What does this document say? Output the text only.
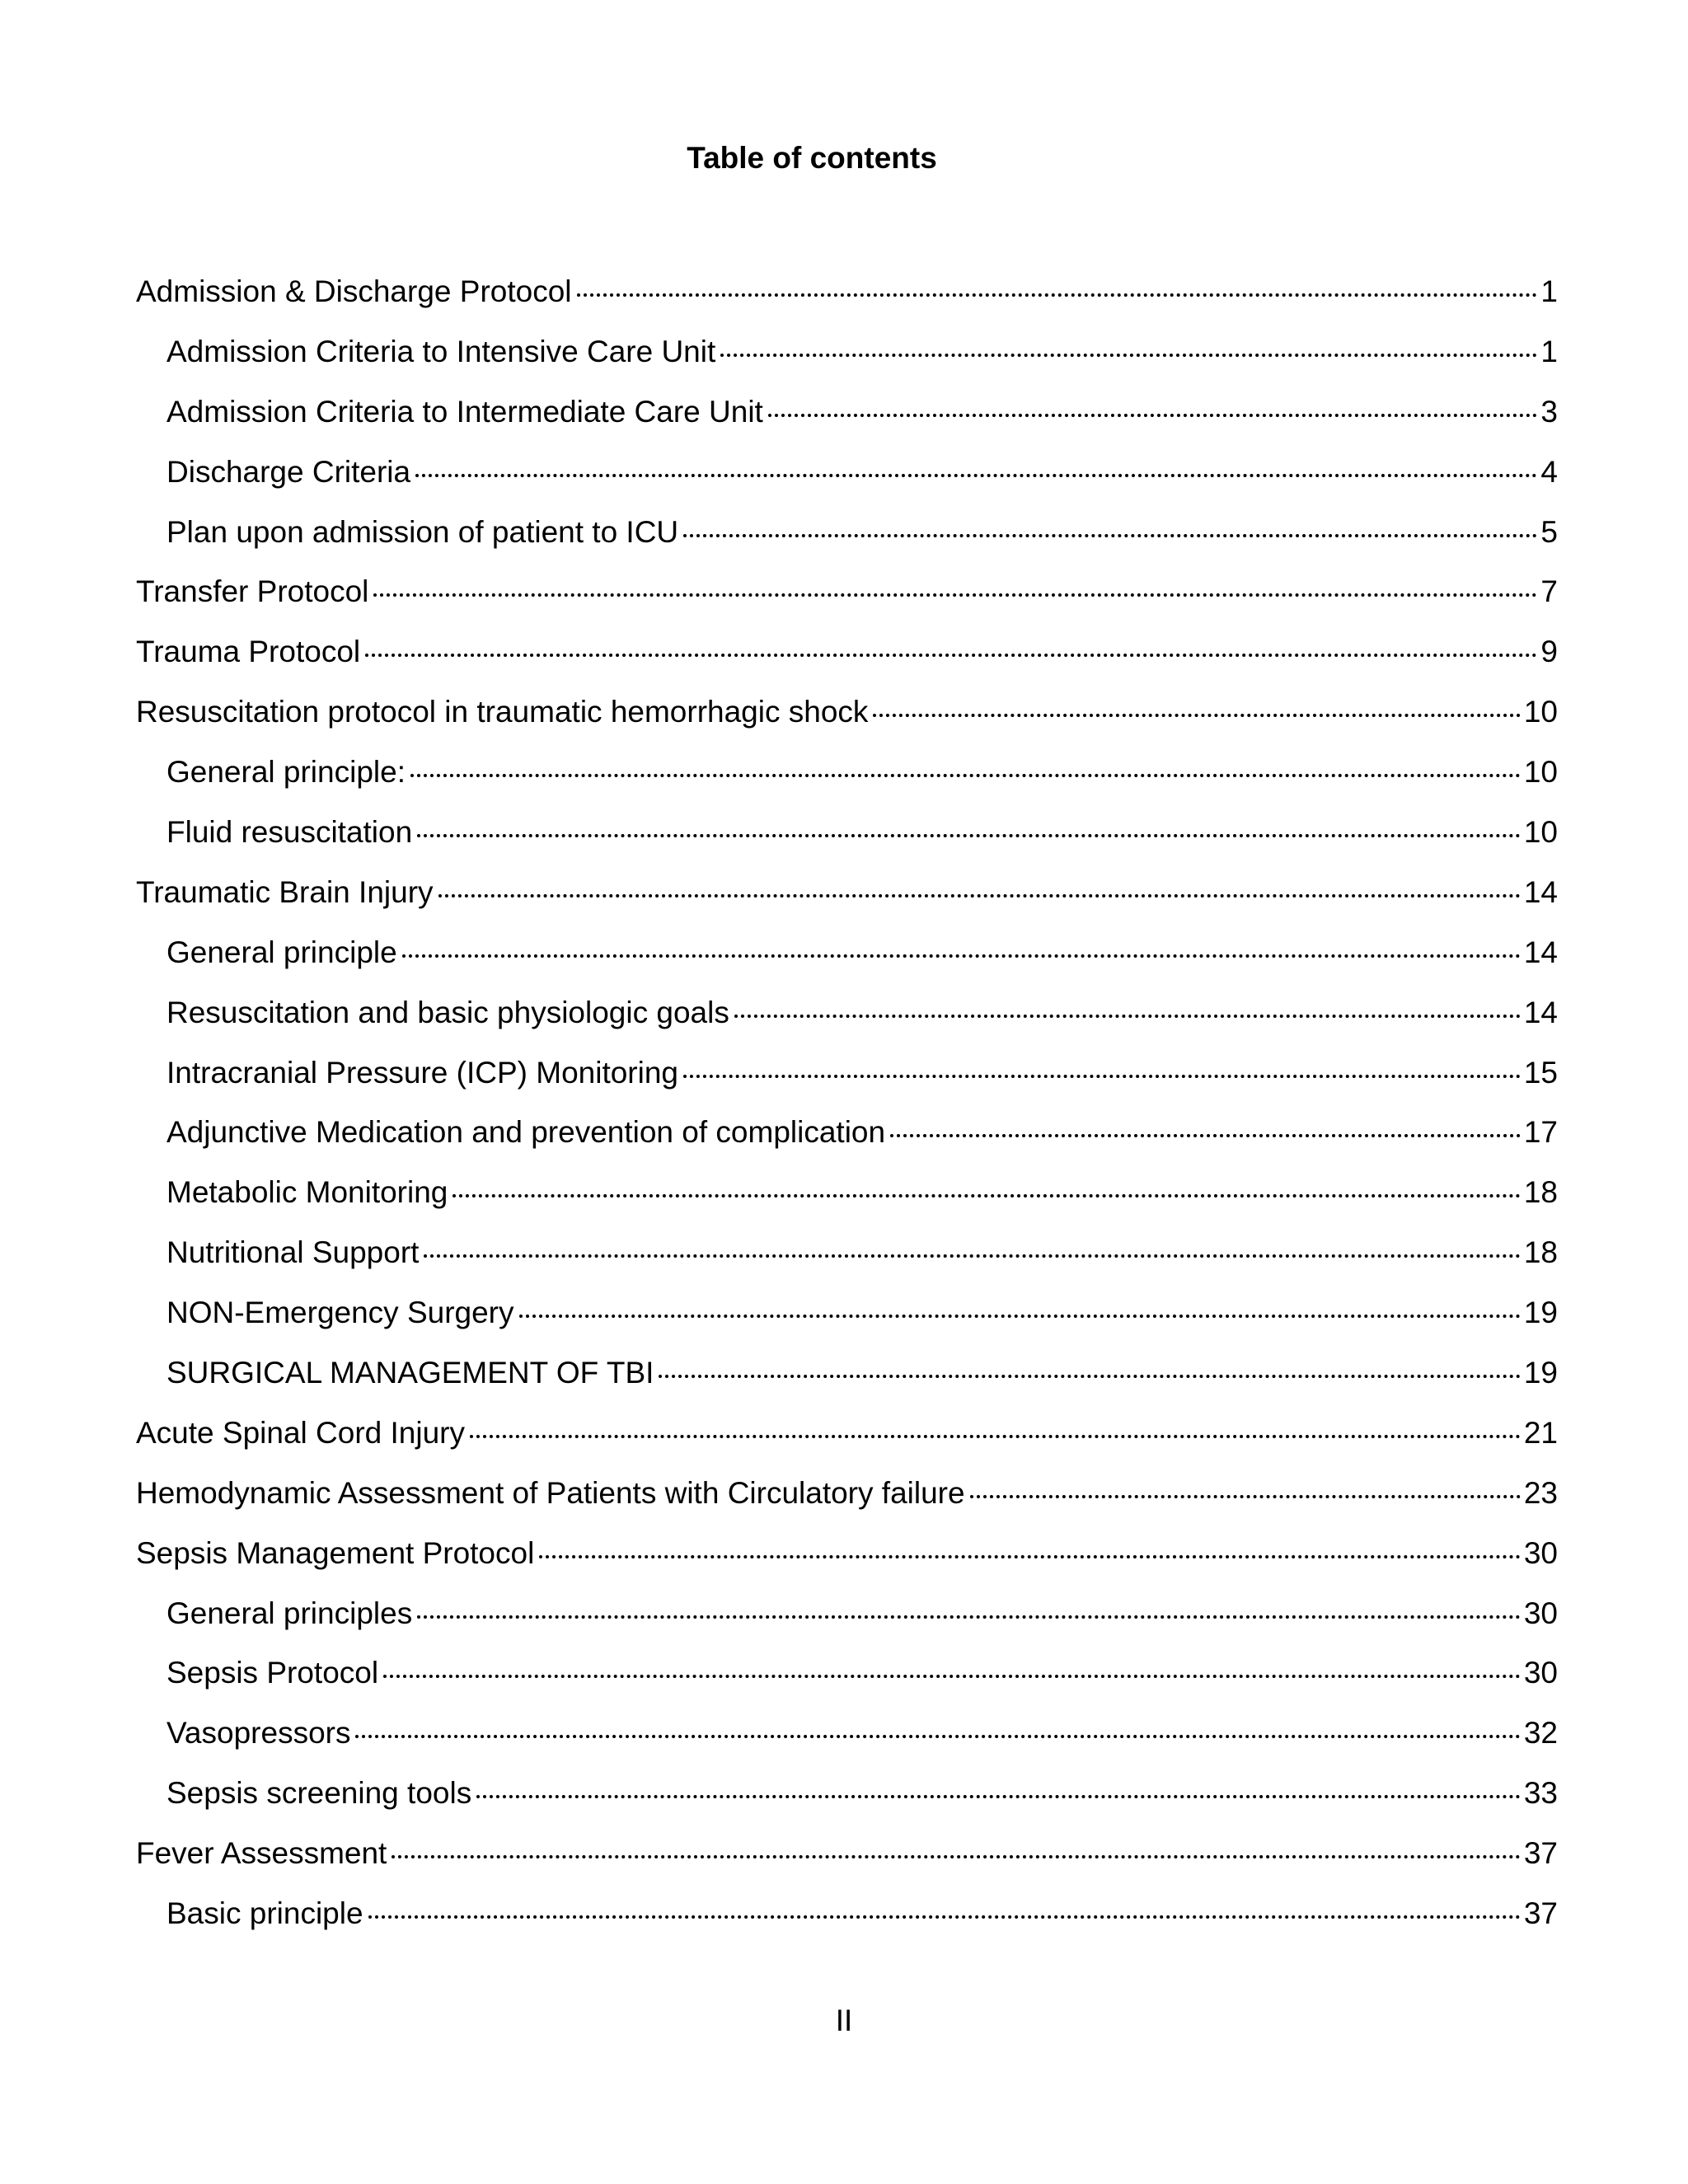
Table of contents
Admission & Discharge Protocol	1
Admission Criteria to Intensive Care Unit	1
Admission Criteria to Intermediate Care Unit	3
Discharge Criteria	4
Plan upon admission of patient to ICU	5
Transfer Protocol	7
Trauma Protocol	9
Resuscitation protocol in traumatic hemorrhagic shock	10
General principle:	10
Fluid resuscitation	10
Traumatic Brain Injury	14
General principle	14
Resuscitation and basic physiologic goals	14
Intracranial Pressure (ICP) Monitoring	15
Adjunctive Medication and prevention of complication	17
Metabolic Monitoring	18
Nutritional Support	18
NON-Emergency Surgery	19
SURGICAL MANAGEMENT OF TBI	19
Acute Spinal Cord Injury	21
Hemodynamic Assessment of Patients with Circulatory failure	23
Sepsis Management Protocol	30
General principles	30
Sepsis Protocol	30
Vasopressors	32
Sepsis screening tools	33
Fever Assessment	37
Basic principle	37
II
